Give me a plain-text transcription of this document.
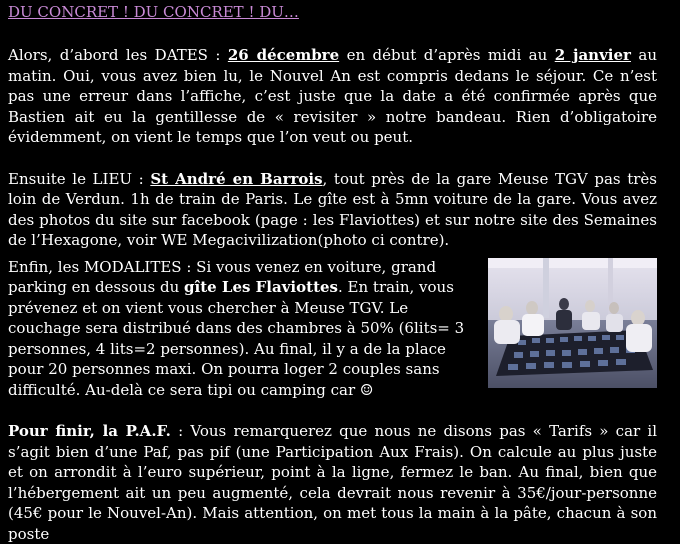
DU CONCRET ! DU CONCRET ! DU…

Alors, d’abord les DATES : 26 décembre en début d’après midi au 2 janvier au matin. Oui, vous avez bien lu, le Nouvel An est compris dedans le séjour. Ce n’est pas une erreur dans l’affiche, c’est juste que la date a été confirmée après que Bastien ait eu la gentillesse de « revisiter » notre bandeau. Rien d’obligatoire évidemment, on vient le temps que l’on veut ou peut.

Ensuite le LIEU : St André en Barrois, tout près de la gare Meuse TGV pas très loin de Verdun. 1h de train de Paris. Le gîte est à 5mn voiture de la gare. Vous avez des photos du site sur facebook (page : les Flaviottes) et sur notre site des Semaines de l’Hexagone, voir WE Megacivilization(photo ci contre).

Enfin, les MODALITES : Si vous venez en voiture, grand parking en dessous du gîte Les Flaviottes. En train, vous prévenez et on vient vous chercher à Meuse TGV. Le couchage sera distribué dans des chambres à 50% (6lits= 3 personnes, 4 lits=2 personnes). Au final, il y a de la place pour 20 personnes maxi. On pourra loger 2 couples sans difficulté. Au-delà ce sera tipi ou camping car ☺

Pour finir, la P.A.F. : Vous remarquerez que nous ne disons pas « Tarifs » car il s’agit bien d’une Paf, pas pif (une Participation Aux Frais). On calcule au plus juste et on arrondit à l’euro supérieur, point à la ligne, fermez le ban. Au final, bien que l’hébergement ait un peu augmenté, cela devrait nous revenir à 35€/jour-personne (45€ pour le Nouvel-An). Mais attention, on met tous la main à la pâte, chacun à son poste
